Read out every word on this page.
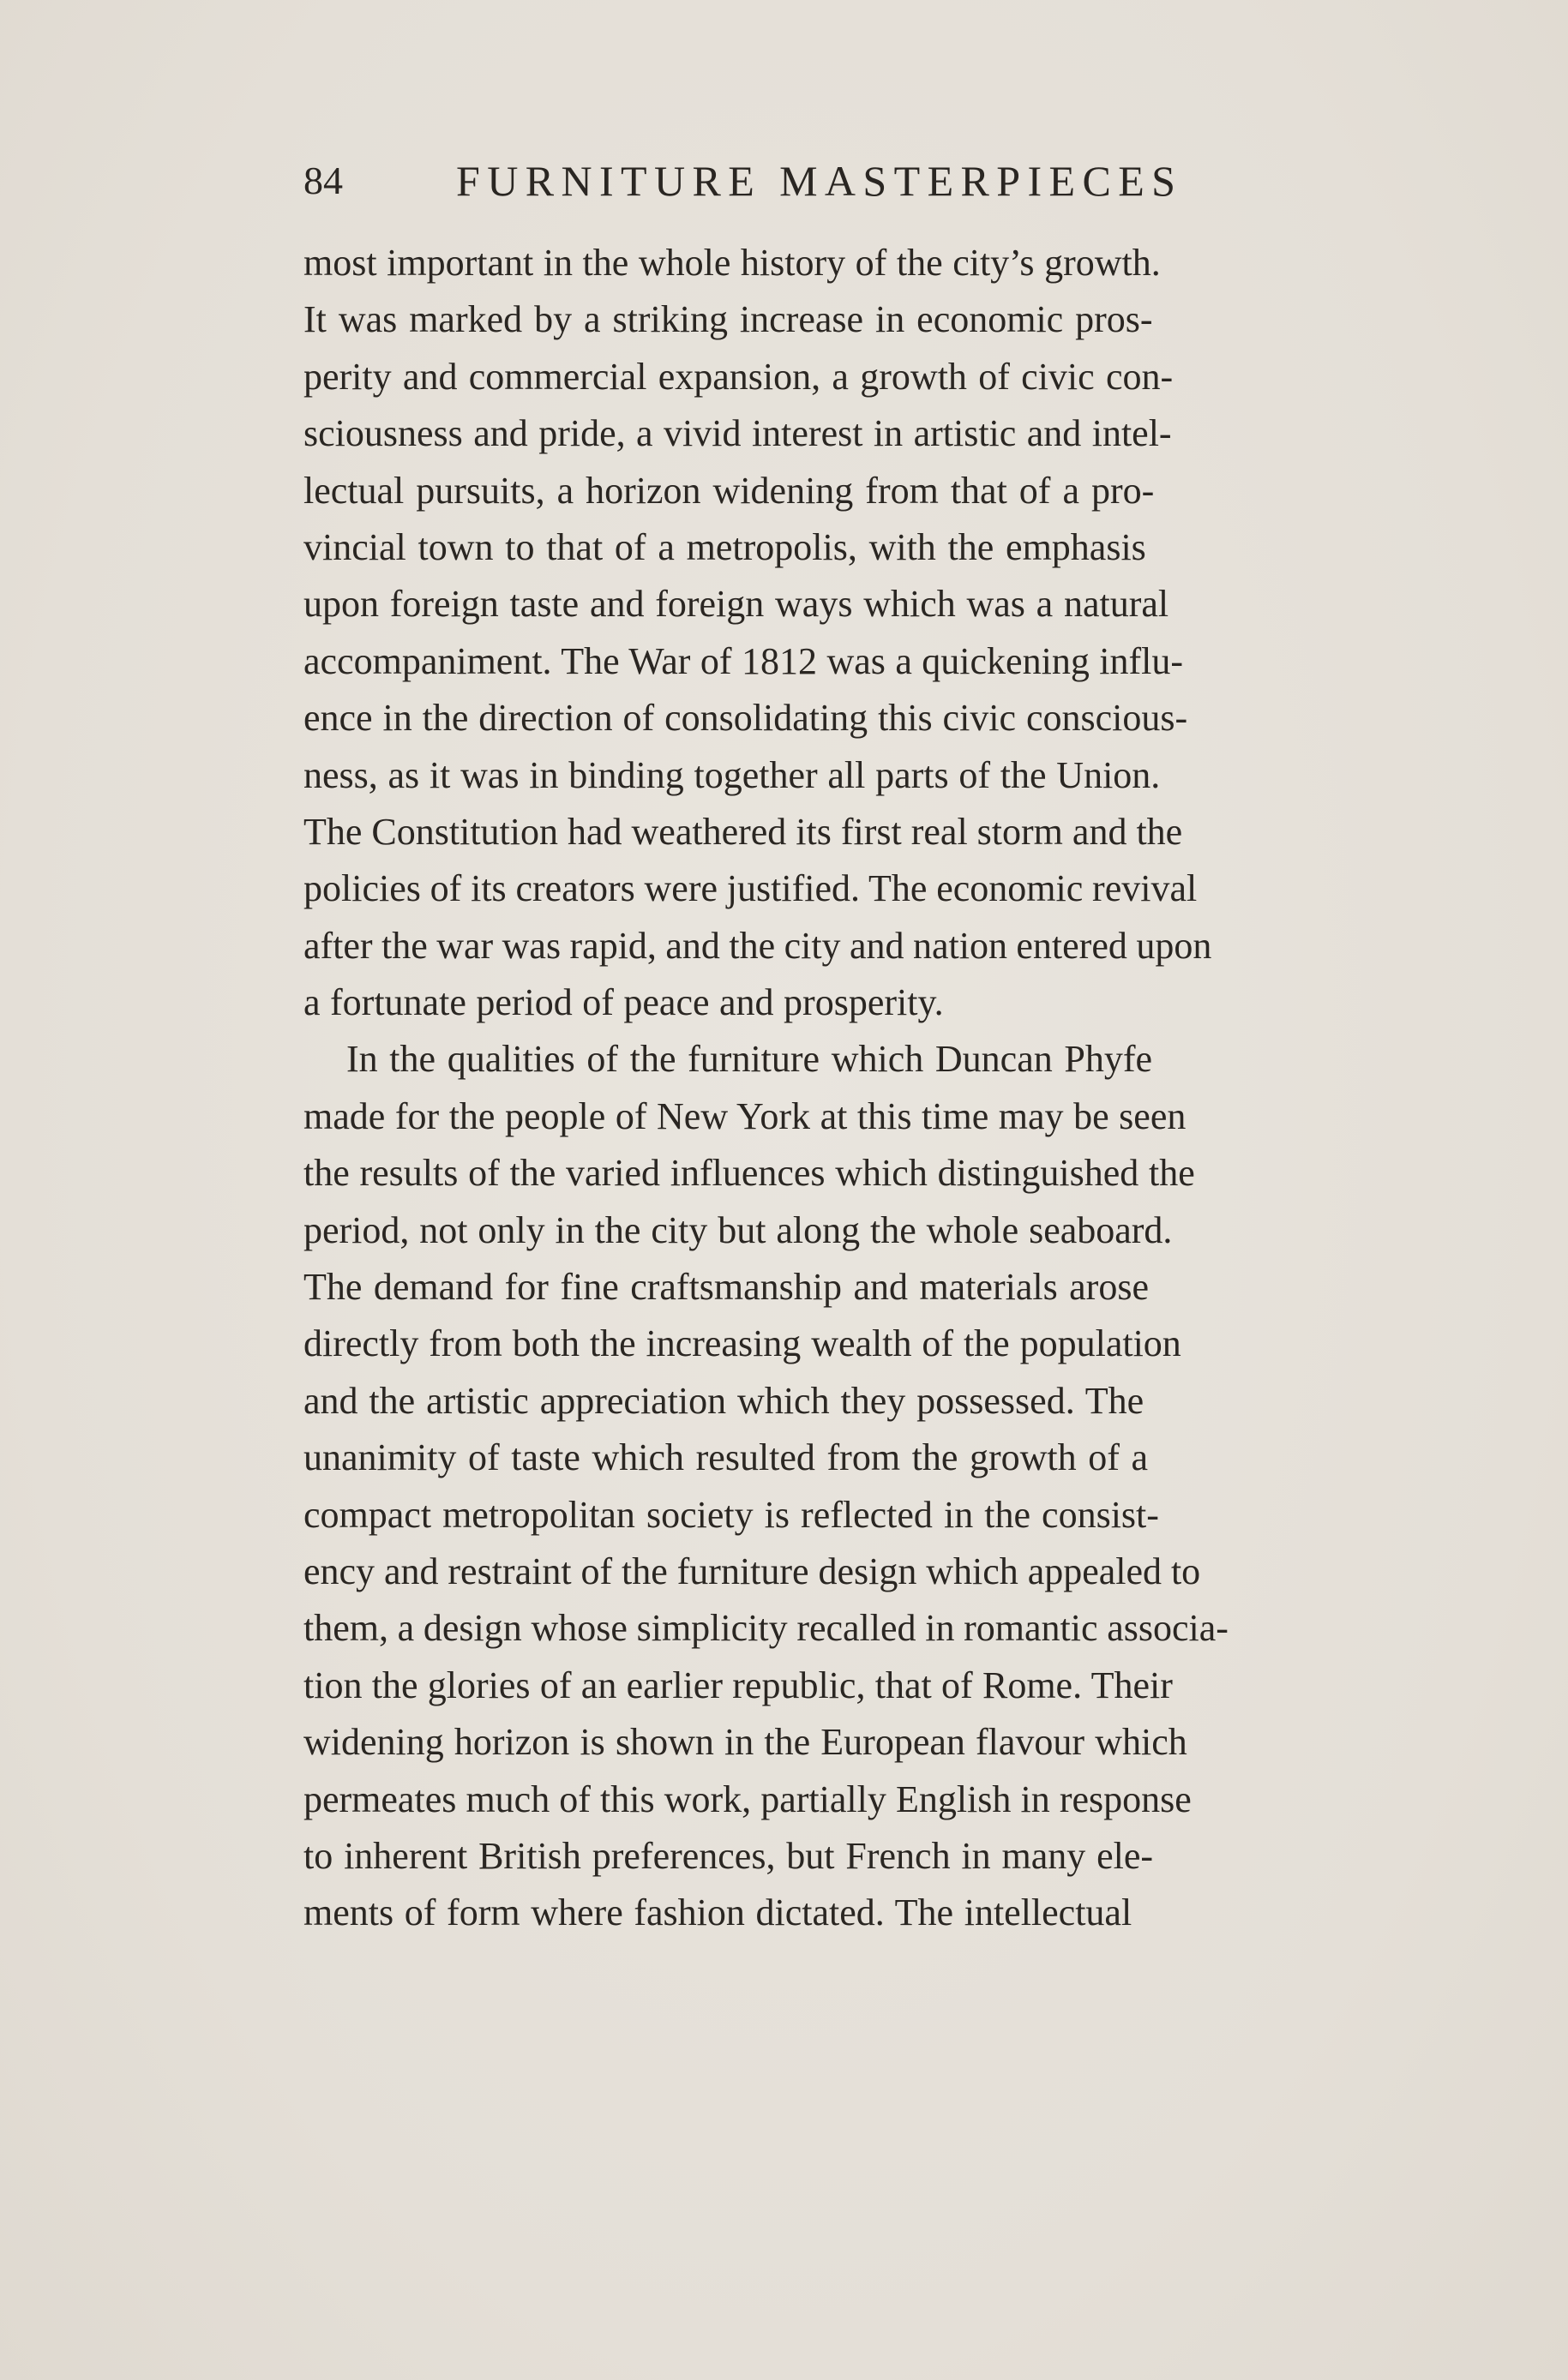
84	FURNITURE MASTERPIECES
most important in the whole history of the city’s growth.
It was marked by a striking increase in economic pros-
perity and commercial expansion, a growth of civic con-
sciousness and pride, a vivid interest in artistic and intel-
lectual pursuits, a horizon widening from that of a pro-
vincial town to that of a metropolis, with the emphasis
upon foreign taste and foreign ways which was a natural
accompaniment. The War of 1812 was a quickening influ-
ence in the direction of consolidating this civic conscious-
ness, as it was in binding together all parts of the Union.
The Constitution had weathered its first real storm and the
policies of its creators were justified. The economic revival
after the war was rapid, and the city and nation entered upon
a fortunate period of peace and prosperity.
In the qualities of the furniture which Duncan Phyfe
made for the people of New York at this time may be seen
the results of the varied influences which distinguished the
period, not only in the city but along the whole seaboard.
The demand for fine craftsmanship and materials arose
directly from both the increasing wealth of the population
and the artistic appreciation which they possessed. The
unanimity of taste which resulted from the growth of a
compact metropolitan society is reflected in the consist-
ency and restraint of the furniture design which appealed to
them, a design whose simplicity recalled in romantic associa-
tion the glories of an earlier republic, that of Rome. Their
widening horizon is shown in the European flavour which
permeates much of this work, partially English in response
to inherent British preferences, but French in many ele-
ments of form where fashion dictated. The intellectual
